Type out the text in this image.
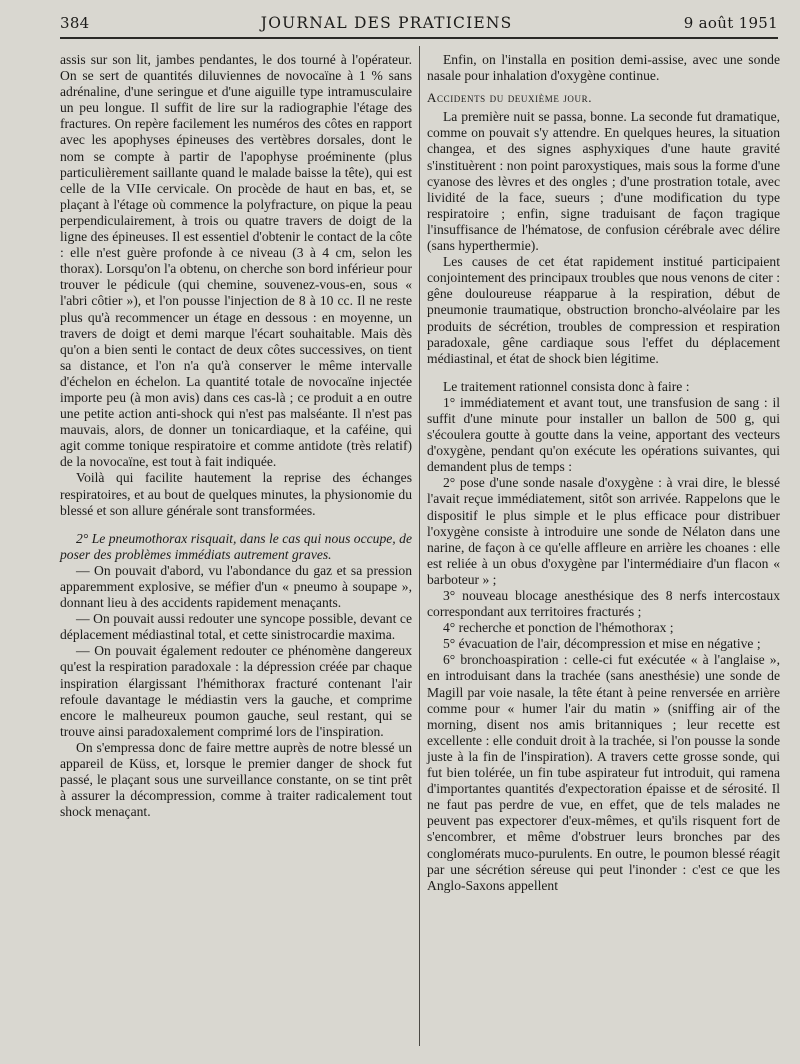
384	JOURNAL DES PRATICIENS	9 août 1951

assis sur son lit, jambes pendantes, le dos tourné à l'opérateur. On se sert de quantités diluviennes de novocaïne à 1 % sans adrénaline, d'une seringue et d'une aiguille type intramusculaire un peu longue. Il suffit de lire sur la radiographie l'étage des fractures. On repère facilement les numéros des côtes en rapport avec les apophyses épineuses des vertèbres dorsales, dont le nom se compte à partir de l'apophyse proéminente (plus particulièrement saillante quand le malade baisse la tête), qui est celle de la VIIe cervicale. On procède de haut en bas, et, se plaçant à l'étage où commence la polyfracture, on pique la peau perpendiculairement, à trois ou quatre travers de doigt de la ligne des épineuses. Il est essentiel d'obtenir le contact de la côte : elle n'est guère profonde à ce niveau (3 à 4 cm, selon les thorax). Lorsqu'on l'a obtenu, on cherche son bord inférieur pour trouver le pédicule (qui chemine, souvenez-vous-en, sous « l'abri côtier »), et l'on pousse l'injection de 8 à 10 cc. Il ne reste plus qu'à recommencer un étage en dessous : en moyenne, un travers de doigt et demi marque l'écart souhaitable. Mais dès qu'on a bien senti le contact de deux côtes successives, on tient sa distance, et l'on n'a qu'à conserver le même intervalle d'échelon en échelon. La quantité totale de novocaïne injectée importe peu (à mon avis) dans ces cas-là ; ce produit a en outre une petite action anti-shock qui n'est pas malséante. Il n'est pas mauvais, alors, de donner un tonicardiaque, et la caféine, qui agit comme tonique respiratoire et comme antidote (très relatif) de la novocaïne, est tout à fait indiquée.

Voilà qui facilite hautement la reprise des échanges respiratoires, et au bout de quelques minutes, la physionomie du blessé et son allure générale sont transformées.

2° Le pneumothorax risquait, dans le cas qui nous occupe, de poser des problèmes immédiats autrement graves.

— On pouvait d'abord, vu l'abondance du gaz et sa pression apparemment explosive, se méfier d'un « pneumo à soupape », donnant lieu à des accidents rapidement menaçants.

— On pouvait aussi redouter une syncope possible, devant ce déplacement médiastinal total, et cette sinistrocardie maxima.

— On pouvait également redouter ce phénomène dangereux qu'est la respiration paradoxale : la dépression créée par chaque inspiration élargissant l'hémithorax fracturé contenant l'air refoule davantage le médiastin vers la gauche, et comprime encore le malheureux poumon gauche, seul restant, qui se trouve ainsi paradoxalement comprimé lors de l'inspiration.

On s'empressa donc de faire mettre auprès de notre blessé un appareil de Küss, et, lorsque le premier danger de shock fut passé, le plaçant sous une surveillance constante, on se tint prêt à assurer la décompression, comme à traiter radicalement tout shock menaçant.

Enfin, on l'installa en position demi-assise, avec une sonde nasale pour inhalation d'oxygène continue.

Accidents du deuxième jour.

La première nuit se passa, bonne. La seconde fut dramatique, comme on pouvait s'y attendre. En quelques heures, la situation changea, et des signes asphyxiques d'une haute gravité s'instituèrent : non point paroxystiques, mais sous la forme d'une cyanose des lèvres et des ongles ; d'une prostration totale, avec lividité de la face, sueurs ; d'une modification du type respiratoire ; enfin, signe traduisant de façon tragique l'insuffisance de l'hématose, de confusion cérébrale avec délire (sans hyperthermie).

Les causes de cet état rapidement institué participaient conjointement des principaux troubles que nous venons de citer : gêne douloureuse réapparue à la respiration, début de pneumonie traumatique, obstruction broncho-alvéolaire par les produits de sécrétion, troubles de compression et respiration paradoxale, gêne cardiaque sous l'effet du déplacement médiastinal, et état de shock bien légitime.

Le traitement rationnel consista donc à faire :

1° immédiatement et avant tout, une transfusion de sang : il suffit d'une minute pour installer un ballon de 500 g, qui s'écoulera goutte à goutte dans la veine, apportant des vecteurs d'oxygène, pendant qu'on exécute les opérations suivantes, qui demandent plus de temps :

2° pose d'une sonde nasale d'oxygène : à vrai dire, le blessé l'avait reçue immédiatement, sitôt son arrivée. Rappelons que le dispositif le plus simple et le plus efficace pour distribuer l'oxygène consiste à introduire une sonde de Nélaton dans une narine, de façon à ce qu'elle affleure en arrière les choanes : elle est reliée à un obus d'oxygène par l'intermédiaire d'un flacon « barboteur » ;

3° nouveau blocage anesthésique des 8 nerfs intercostaux correspondant aux territoires fracturés ;

4° recherche et ponction de l'hémothorax ;

5° évacuation de l'air, décompression et mise en négative ;

6° bronchoaspiration : celle-ci fut exécutée « à l'anglaise », en introduisant dans la trachée (sans anesthésie) une sonde de Magill par voie nasale, la tête étant à peine renversée en arrière comme pour « humer l'air du matin » (sniffing air of the morning, disent nos amis britanniques ; leur recette est excellente : elle conduit droit à la trachée, si l'on pousse la sonde juste à la fin de l'inspiration). A travers cette grosse sonde, qui fut bien tolérée, un fin tube aspirateur fut introduit, qui ramena d'importantes quantités d'expectoration épaisse et de sérosité. Il ne faut pas perdre de vue, en effet, que de tels malades ne peuvent pas expectorer d'eux-mêmes, et qu'ils risquent fort de s'encombrer, et même d'obstruer leurs bronches par des conglomérats muco-purulents. En outre, le poumon blessé réagit par une sécrétion séreuse qui peut l'inonder : c'est ce que les Anglo-Saxons appellent
